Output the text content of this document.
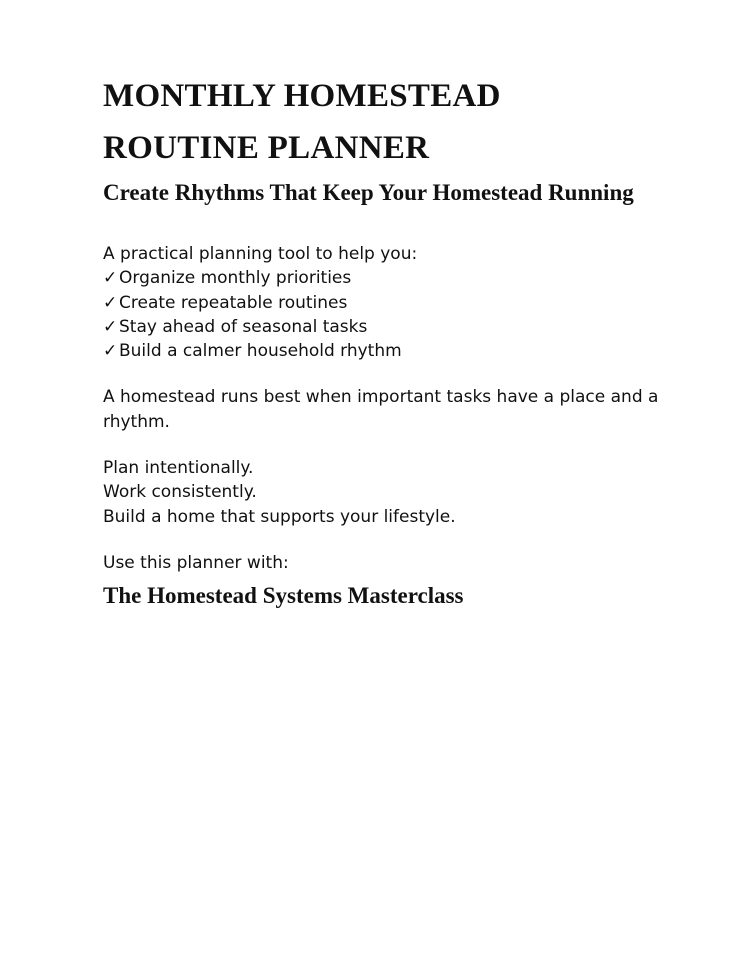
MONTHLY HOMESTEAD
ROUTINE PLANNER
Create Rhythms That Keep Your Homestead Running

A practical planning tool to help you:

✓ Organize monthly priorities
✓ Create repeatable routines
✓ Stay ahead of seasonal tasks
✓ Build a calmer household rhythm

A homestead runs best when important tasks have a place and a rhythm.

Plan intentionally.

Work consistently.

Build a home that supports your lifestyle.

Use this planner with:

The Homestead Systems Masterclass
